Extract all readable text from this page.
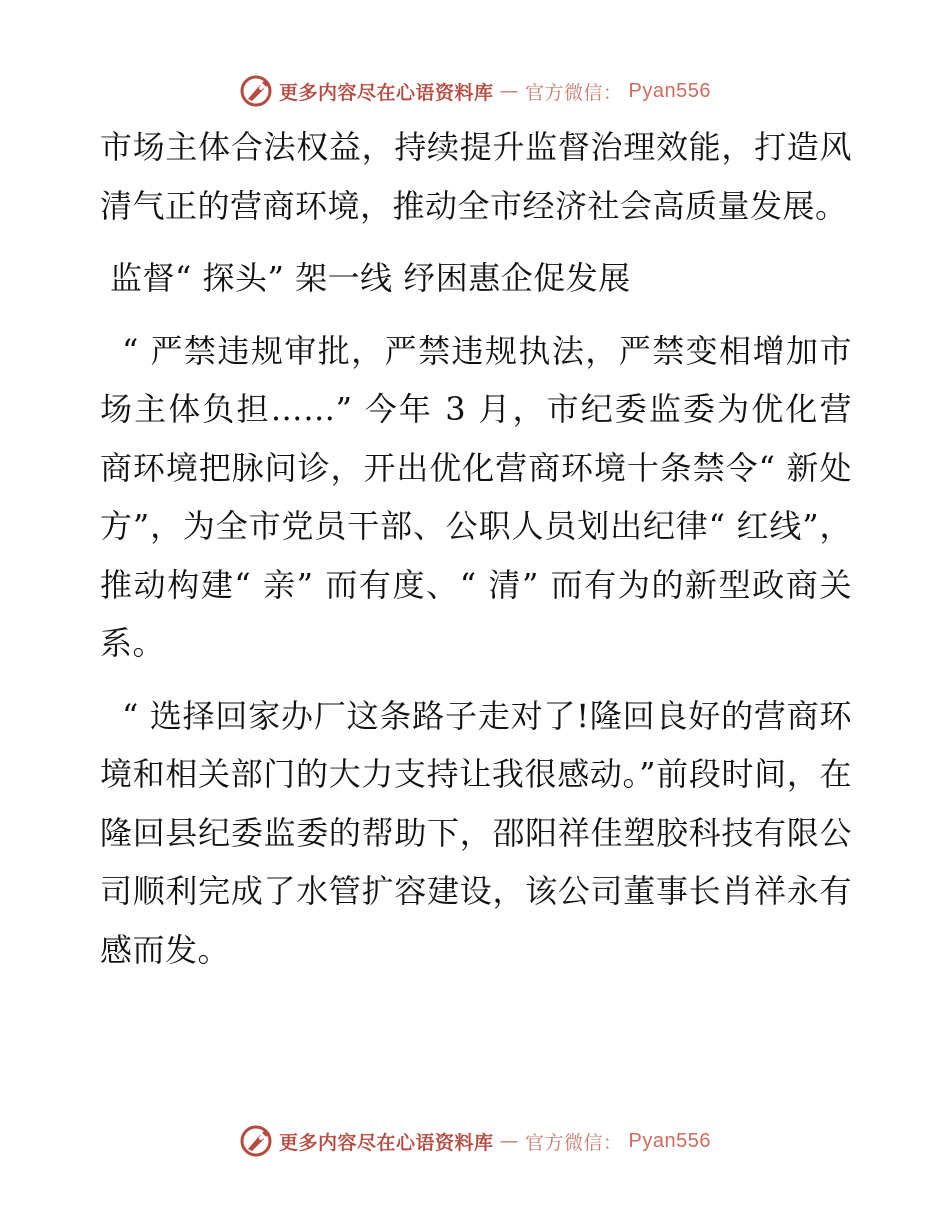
更多内容尽在心语资料库 — 官方微信： Pyan556

市场主体合法权益，持续提升监督治理效能，打造风清气正的营商环境，推动全市经济社会高质量发展。

监督“ 探头” 架一线 纾困惠企促发展

“ 严禁违规审批，严禁违规执法，严禁变相增加市场主体负担……” 今年 3 月，市纪委监委为优化营商环境把脉问诊，开出优化营商环境十条禁令“ 新处方”，为全市党员干部、公职人员划出纪律“ 红线”，推动构建“ 亲” 而有度、“ 清” 而有为的新型政商关系。

“ 选择回家办厂这条路子走对了!隆回良好的营商环境和相关部门的大力支持让我很感动。”前段时间，在隆回县纪委监委的帮助下，邵阳祥佳塑胶科技有限公司顺利完成了水管扩容建设，该公司董事长肖祥永有感而发。

更多内容尽在心语资料库 — 官方微信： Pyan556
